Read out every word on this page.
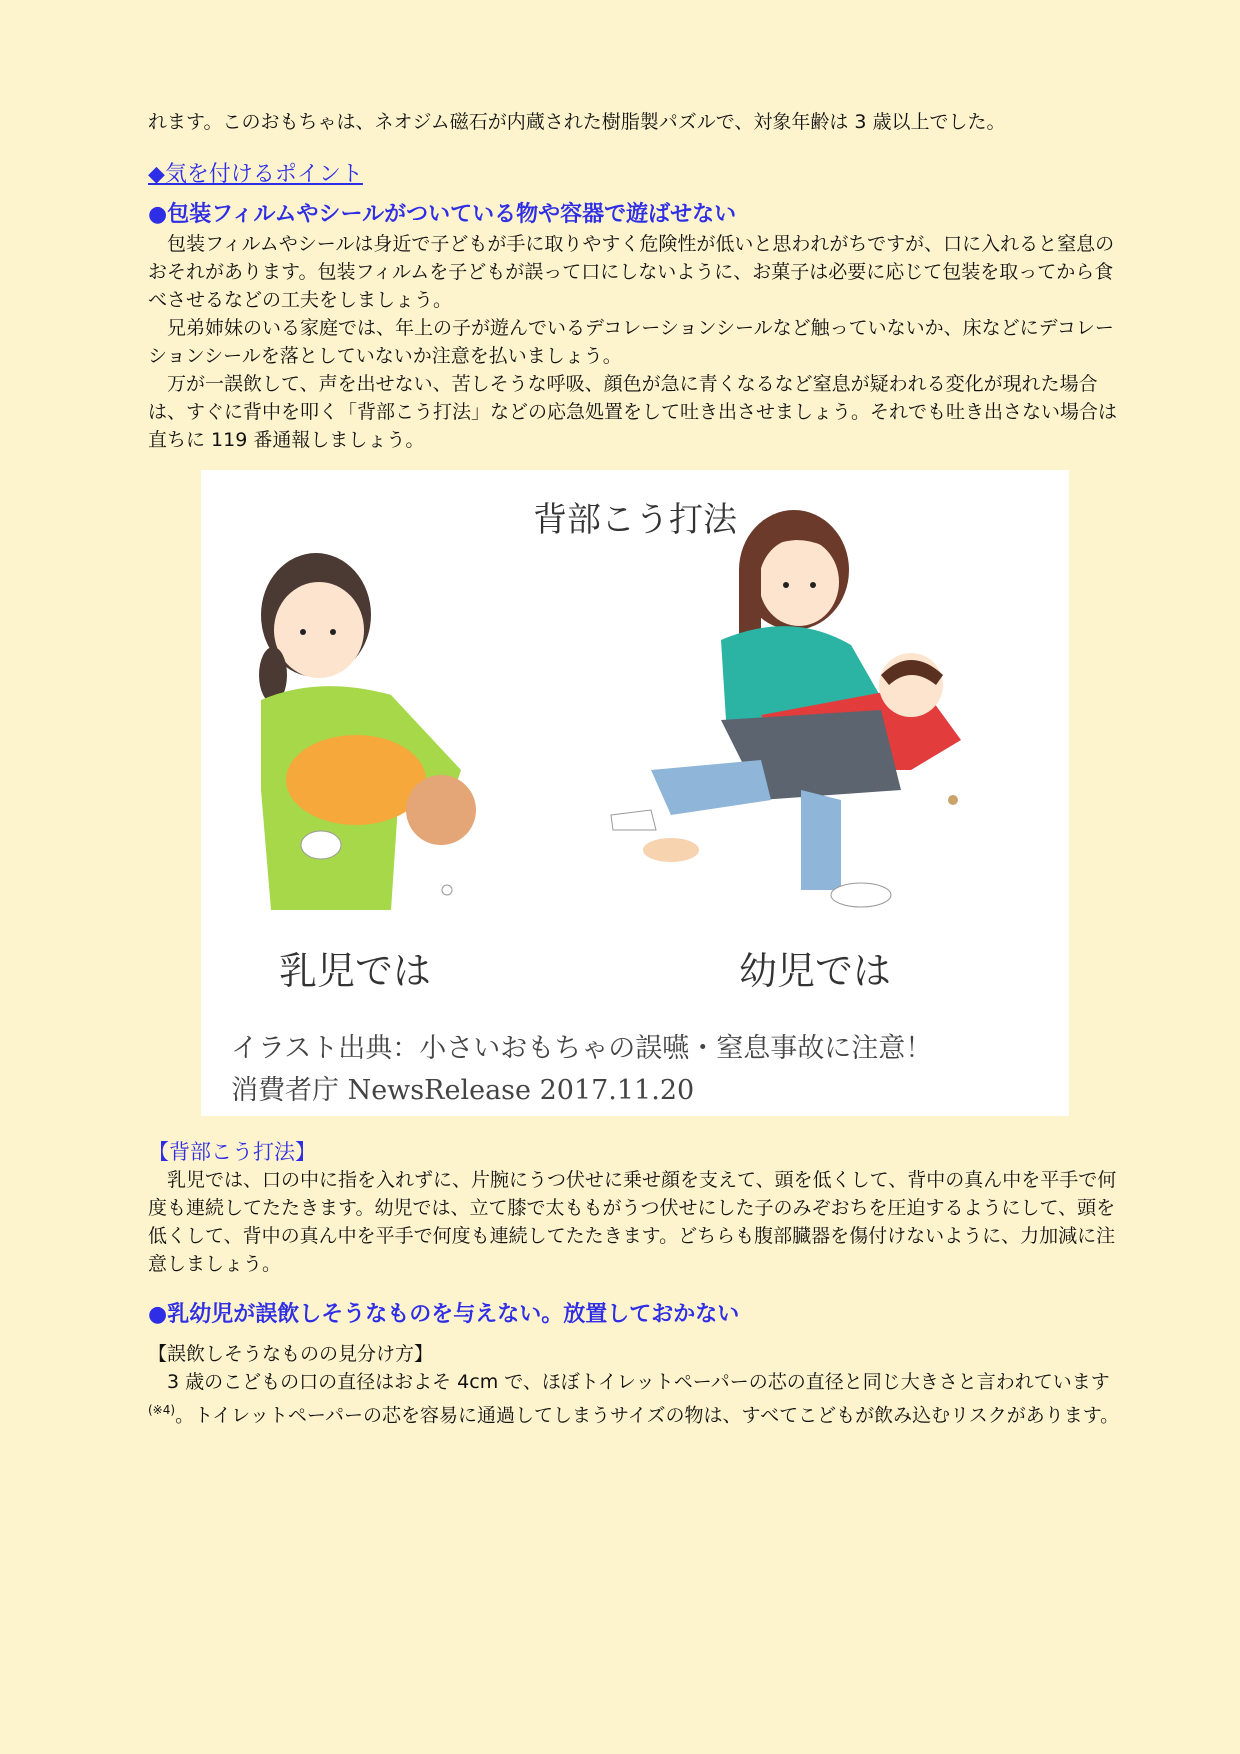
れます。このおもちゃは、ネオジム磁石が内蔵された樹脂製パズルで、対象年齢は 3 歳以上でした。

◆気を付けるポイント
●包装フィルムやシールがついている物や容器で遊ばせない

包装フィルムやシールは身近で子どもが手に取りやすく危険性が低いと思われがちですが、口に入れると窒息のおそれがあります。包装フィルムを子どもが誤って口にしないように、お菓子は必要に応じて包装を取ってから食べさせるなどの工夫をしましょう。

兄弟姉妹のいる家庭では、年上の子が遊んでいるデコレーションシールなど触っていないか、床などにデコレーションシールを落としていないか注意を払いましょう。

万が一誤飲して、声を出せない、苦しそうな呼吸、顔色が急に青くなるなど窒息が疑われる変化が現れた場合は、すぐに背中を叩く「背部こう打法」などの応急処置をして吐き出させましょう。それでも吐き出さない場合は直ちに 119 番通報しましょう。

背部こう打法
乳児では	幼児では
イラスト出典：小さいおもちゃの誤嚥・窒息事故に注意！
消費者庁 NewsRelease 2017.11.20

【背部こう打法】

乳児では、口の中に指を入れずに、片腕にうつ伏せに乗せ顔を支えて、頭を低くして、背中の真ん中を平手で何度も連続してたたきます。幼児では、立て膝で太ももがうつ伏せにした子のみぞおちを圧迫するようにして、頭を低くして、背中の真ん中を平手で何度も連続してたたきます。どちらも腹部臓器を傷付けないように、力加減に注意しましょう。

●乳幼児が誤飲しそうなものを与えない。放置しておかない

【誤飲しそうなものの見分け方】

3 歳のこどもの口の直径はおよそ 4cm で、ほぼトイレットペーパーの芯の直径と同じ大きさと言われています$^{(※4)}$。トイレットペーパーの芯を容易に通過してしまうサイズの物は、すべてこどもが飲み込むリスクがあります。
